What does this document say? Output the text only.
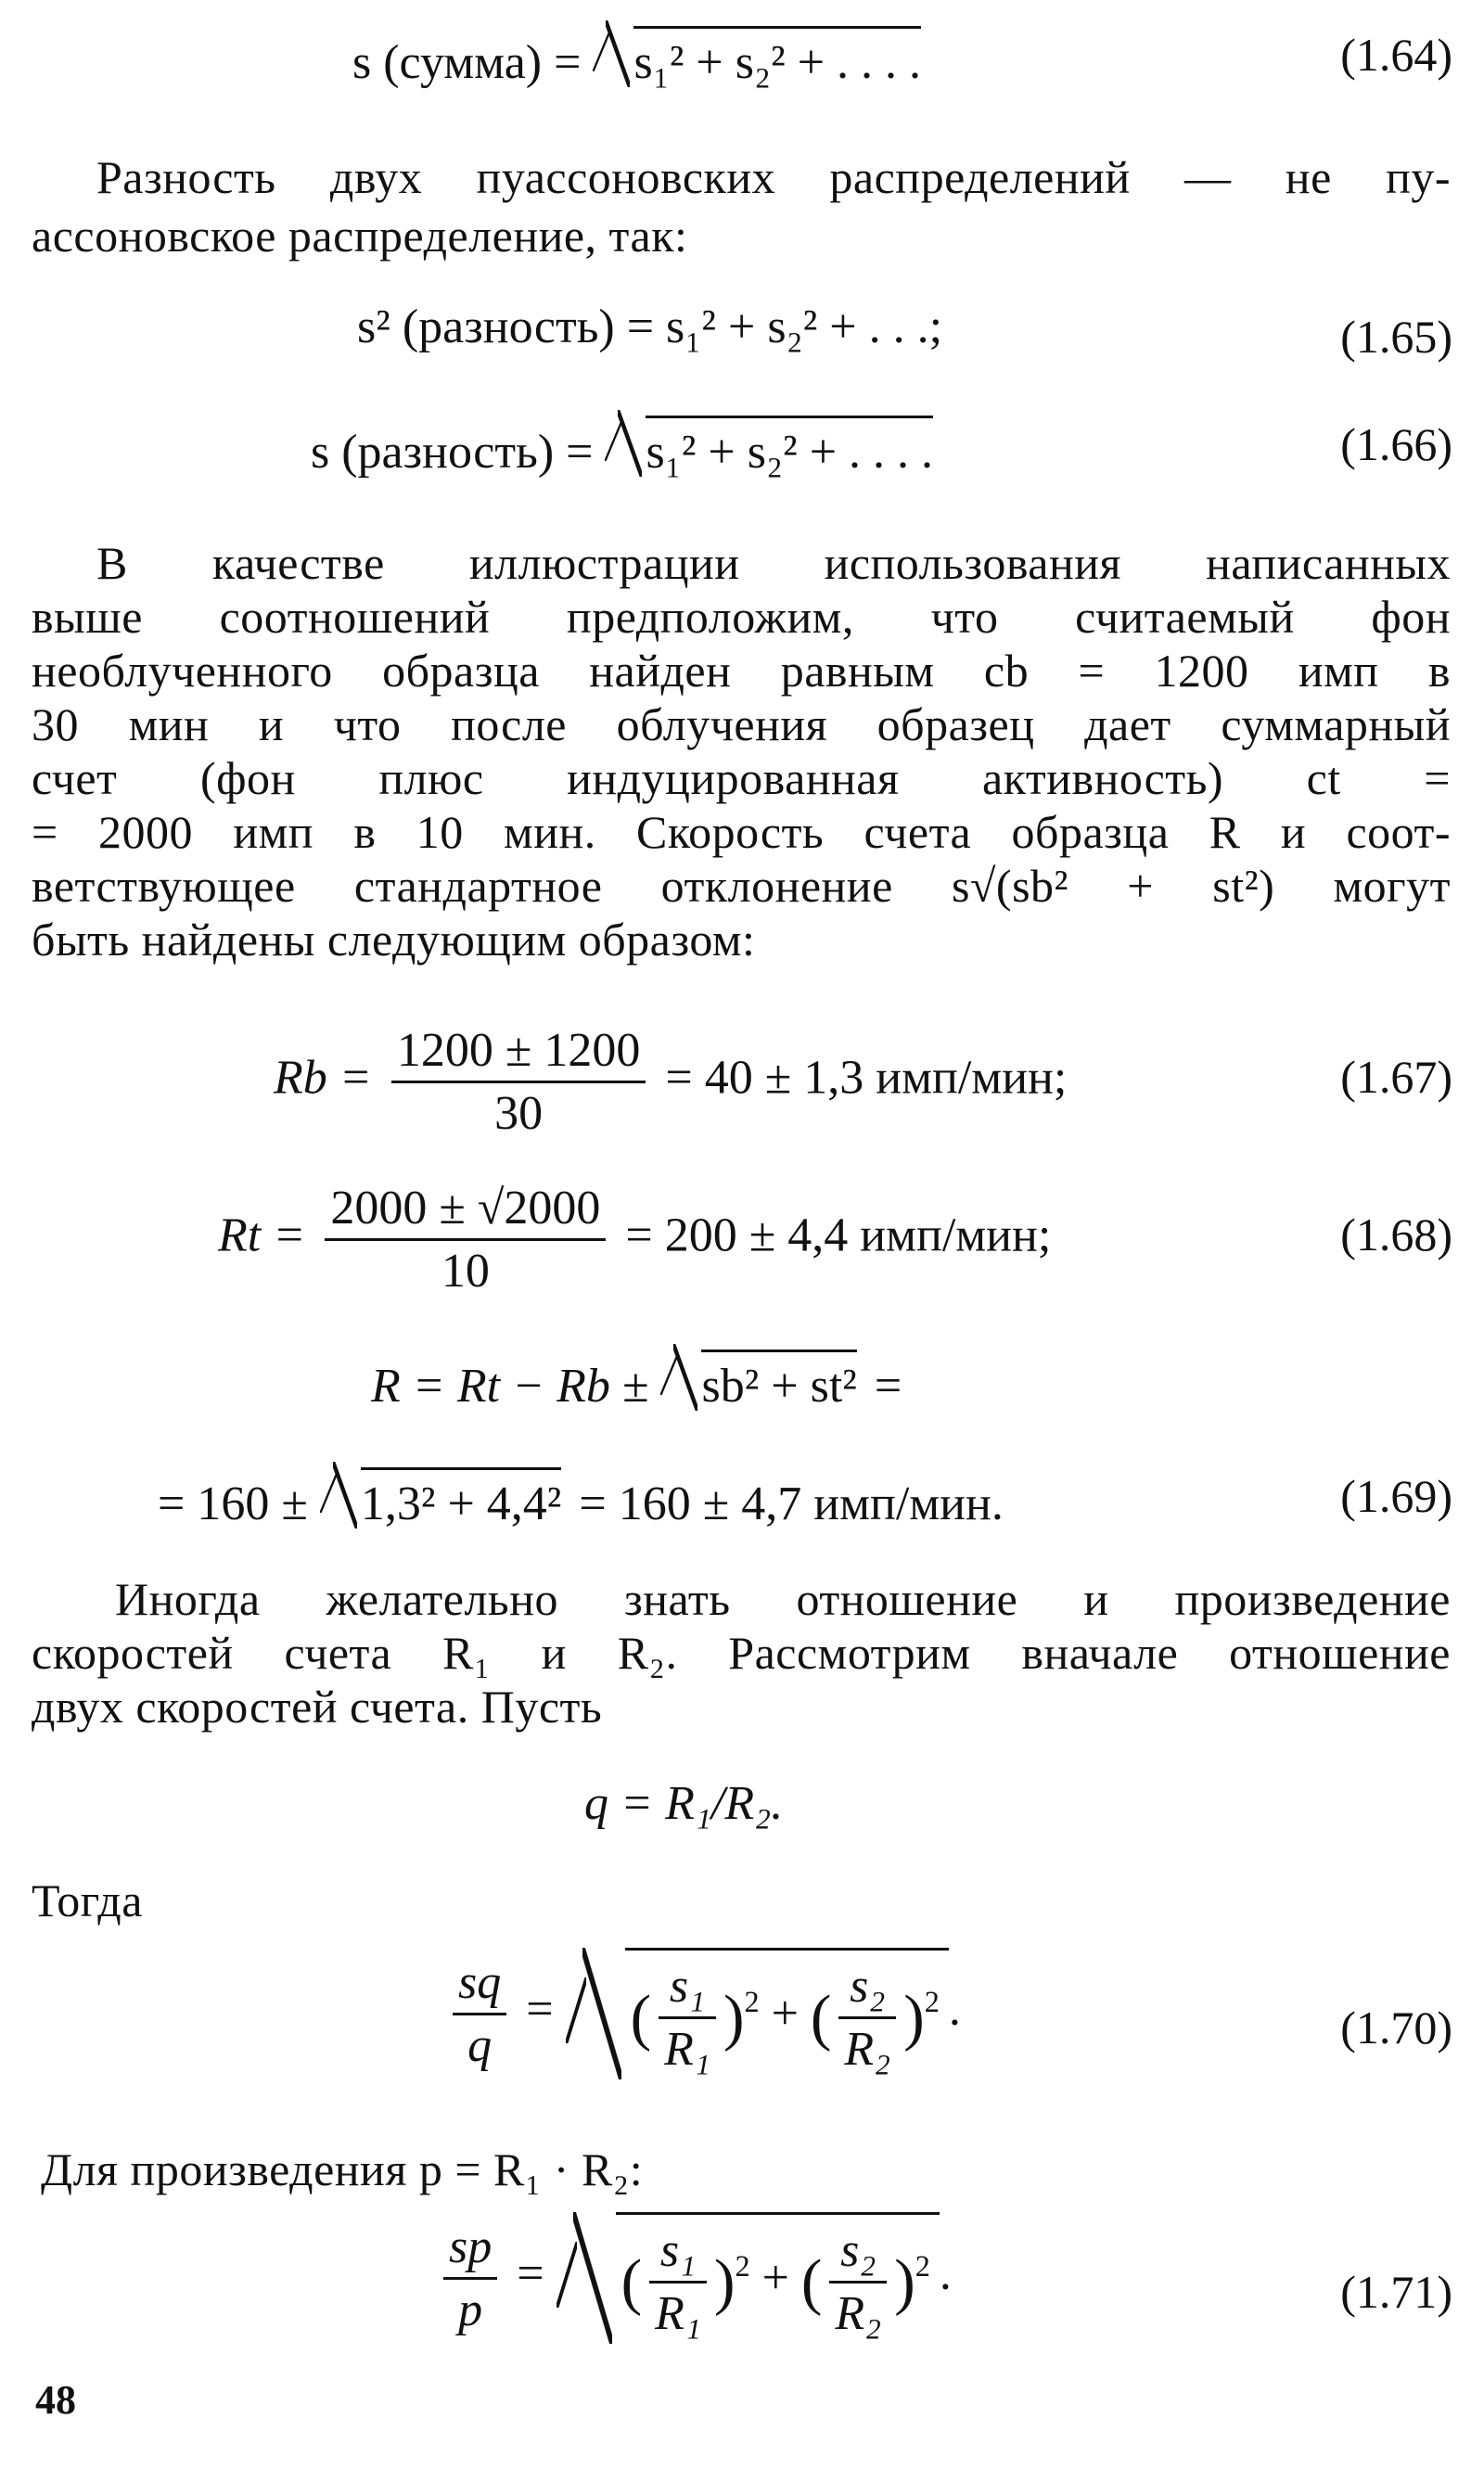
s (сумма) = s₁² + s₂² + . . . .	(1.64)
Разность двух пуассоновских распределений — не пу-
ассоновское распределение, так:
s² (разность) = s₁² + s₂² + . . .;	(1.65)
s (разность) = s₁² + s₂² + . . . .	(1.66)
В качестве иллюстрации использования написанных
выше соотношений предположим, что считаемый фон
необлученного образца найден равным cb = 1200 имп в
30 мин и что после облучения образец дает суммарный
счет (фон плюс индуцированная активность) ct =
= 2000 имп в 10 мин. Скорость счета образца R и соот-
ветствующее стандартное отклонение s√(sb² + st²) могут
быть найдены следующим образом:
$Rb = \frac{1200 \pm 1200}{30} = 40 \pm 1,3$ имп/мин;	(1.67)
$Rt = \frac{2000 \pm √2000}{10} = 200 \pm 4,4$ имп/мин;	(1.68)
R = Rt − Rb ± sb² + st² =
= 160 ± 1,3² + 4,4² = 160 ± 4,7 имп/мин.	(1.69)
Иногда желательно знать отношение и произведение
скоростей счета R₁ и R₂. Рассмотрим вначале отношение
двух скоростей счета. Пусть
q = R₁/R₂.
Тогда
$\frac{sq}{q}$ = ( $\frac{\text{s₁}}{\text{R₁}} )^2$ + ( $\frac{\text{s₂}}{\text{R₂}} )^2$ .	(1.70)
Для произведения p = R₁ · R₂:
$\frac{sp}{p}$ = ( $\frac{\text{s₁}}{\text{R₁}} )^2$ + ( $\frac{\text{s₂}}{\text{R₂}} )^2$ .	(1.71)
48
